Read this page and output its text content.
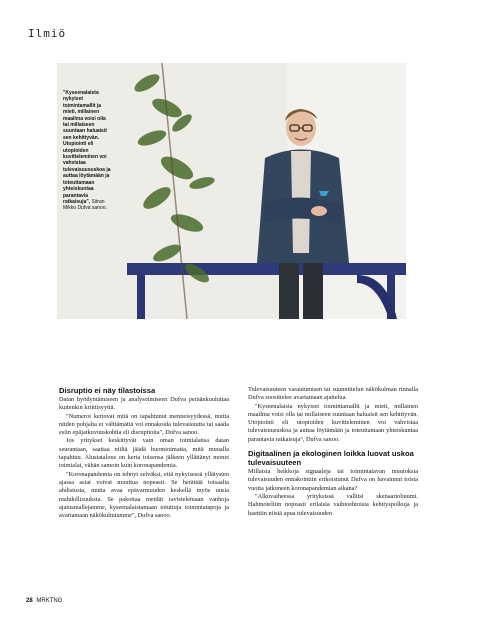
Ilmiö
"Kyseenalaista nykyiset toimintamallit ja mieti, millainen maailma voisi olla tai millaiseen suuntaan haluaisit sen kehittyvän. Utopiointi eli utopioiden kuvitteleminen voi vahvistaa tulevaisuususkoa ja auttaa löytämään ja toteuttamaan yhteiskuntaa parantavia ratkaisuja", Sitran Mikko Dufva sanoo.
Disruptio ei näy tilastoissa

Datan hyödyntämiseen ja analysoimiseen Dufva peräänkuuluttaa kuitenkin kriittisyyttä.

"Numerot kertovat mitä on tapahtunut menneisyydessä, mutta niiden pohjalta ei välttämättä voi ennakoida tulevaisuutta tai saada esiin epäjatkuvuuskohtia eli disruptioita", Dufva sanoo.

Jos yritykset keskittyvät vain oman toimialansa datan seurantaan, saattaa niiltä jäädä huomioimatta, mitä muualla tapahtuu. Alustatalous on kerta toisensa jälkeen yllättänyt monet toimialat, vähän samoin kuin koronapandemia.

"Koronapandemia on tehnyt selväksi, että nykyisessä yllätysten ajassa asiat voivat muuttua nopeasti. Se herättää toisaalta ahdistusta, mutta avaa epävarmuuden keskellä myös uusia mahdollisuuksia. Se pakottaa meidät ravistelemaan vanhoja ajatusmallejamme, kyseenalaistamaan totuttuja toimintatapoja ja avartamaan näkökulmiamme", Dufva sanoo.

Tulevaisuuteen varautumisen tai suunnittelun näkökulman rinnalla Dufva suosittelee avartamaan ajattelua.

"Kyseenalaista nykyiset toimintamallit ja mieti, millainen maailma voisi olla tai millaiseen suuntaan haluaisit sen kehittyvän. Utopiointi eli utopioiden kuvitteleminen voi vahvistaa tulevaisuususkoa ja auttaa löytämään ja toteuttamaan yhteiskuntaa parantavia ratkaisuja", Dufva sanoo.

Digitaalinen ja ekologinen loikka luovat uskoa tulevaisuuteen

Millaisia heikkoja signaaleja tai toimintatavan muutoksia tulevaisuuden ennakointiin erikoistunut Dufva on havainnut toista vuotta jatkuneen koronapandemian aikana?

"Alkuvaiheessa yrityksissä vallitsi skenaariobuumi. Hahmoteltiin nopeasti erilaisia vaihtoehtoisia kehityspolkuja ja haettiin niistä apua tulevaisuuden

28 MRKTNG
